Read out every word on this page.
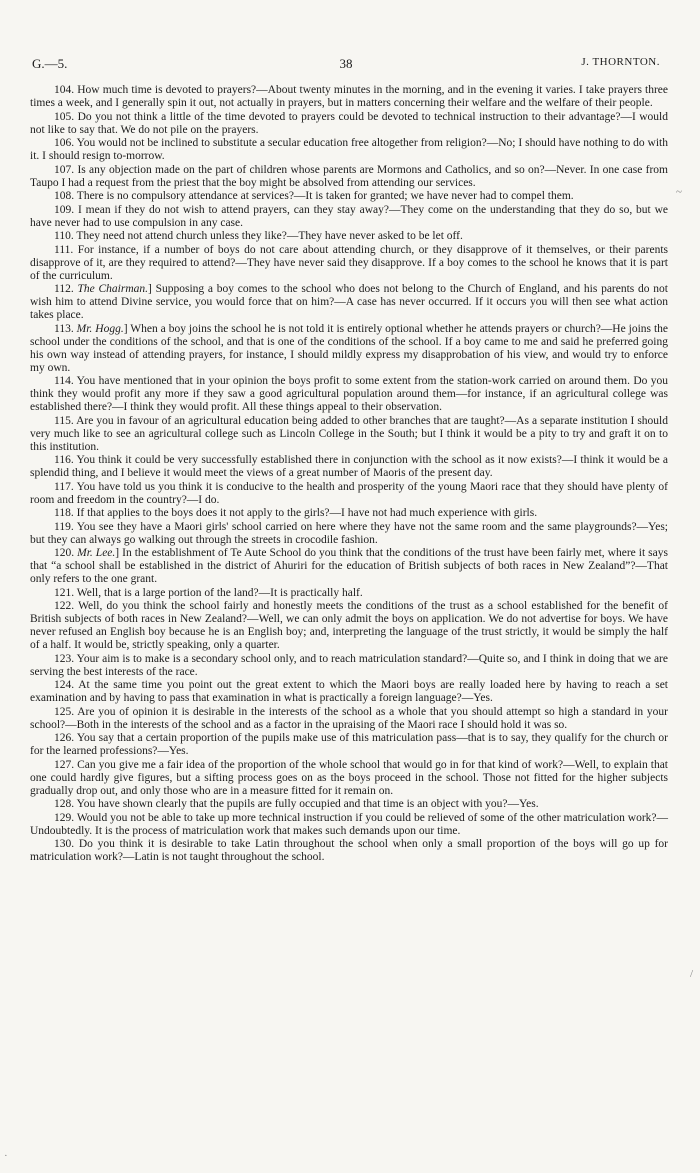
G.—5.	38	J. THORNTON.
~
/
·

104. How much time is devoted to prayers?—About twenty minutes in the morning, and in the evening it varies. I take prayers three times a week, and I generally spin it out, not actually in prayers, but in matters concerning their welfare and the welfare of their people.

105. Do you not think a little of the time devoted to prayers could be devoted to technical instruction to their advantage?—I would not like to say that. We do not pile on the prayers.

106. You would not be inclined to substitute a secular education free altogether from religion?—No; I should have nothing to do with it. I should resign to-morrow.

107. Is any objection made on the part of children whose parents are Mormons and Catholics, and so on?—Never. In one case from Taupo I had a request from the priest that the boy might be absolved from attending our services.

108. There is no compulsory attendance at services?—It is taken for granted; we have never had to compel them.

109. I mean if they do not wish to attend prayers, can they stay away?—They come on the understanding that they do so, but we have never had to use compulsion in any case.

110. They need not attend church unless they like?—They have never asked to be let off.

111. For instance, if a number of boys do not care about attending church, or they disapprove of it themselves, or their parents disapprove of it, are they required to attend?—They have never said they disapprove. If a boy comes to the school he knows that it is part of the curriculum.

112. The Chairman.] Supposing a boy comes to the school who does not belong to the Church of England, and his parents do not wish him to attend Divine service, you would force that on him?—A case has never occurred. If it occurs you will then see what action takes place.

113. Mr. Hogg.] When a boy joins the school he is not told it is entirely optional whether he attends prayers or church?—He joins the school under the conditions of the school, and that is one of the conditions of the school. If a boy came to me and said he preferred going his own way instead of attending prayers, for instance, I should mildly express my disapprobation of his view, and would try to enforce my own.

114. You have mentioned that in your opinion the boys profit to some extent from the station-work carried on around them. Do you think they would profit any more if they saw a good agricultural population around them—for instance, if an agricultural college was established there?—I think they would profit. All these things appeal to their observation.

115. Are you in favour of an agricultural education being added to other branches that are taught?—As a separate institution I should very much like to see an agricultural college such as Lincoln College in the South; but I think it would be a pity to try and graft it on to this institution.

116. You think it could be very successfully established there in conjunction with the school as it now exists?—I think it would be a splendid thing, and I believe it would meet the views of a great number of Maoris of the present day.

117. You have told us you think it is conducive to the health and prosperity of the young Maori race that they should have plenty of room and freedom in the country?—I do.

118. If that applies to the boys does it not apply to the girls?—I have not had much experience with girls.

119. You see they have a Maori girls' school carried on here where they have not the same room and the same playgrounds?—Yes; but they can always go walking out through the streets in crocodile fashion.

120. Mr. Lee.] In the establishment of Te Aute School do you think that the conditions of the trust have been fairly met, where it says that “a school shall be established in the district of Ahuriri for the education of British subjects of both races in New Zealand”?—That only refers to the one grant.

121. Well, that is a large portion of the land?—It is practically half.

122. Well, do you think the school fairly and honestly meets the conditions of the trust as a school established for the benefit of British subjects of both races in New Zealand?—Well, we can only admit the boys on application. We do not advertise for boys. We have never refused an English boy because he is an English boy; and, interpreting the language of the trust strictly, it would be simply the half of a half. It would be, strictly speaking, only a quarter.

123. Your aim is to make is a secondary school only, and to reach matriculation standard?—Quite so, and I think in doing that we are serving the best interests of the race.

124. At the same time you point out the great extent to which the Maori boys are really loaded here by having to reach a set examination and by having to pass that examination in what is practically a foreign language?—Yes.

125. Are you of opinion it is desirable in the interests of the school as a whole that you should attempt so high a standard in your school?—Both in the interests of the school and as a factor in the upraising of the Maori race I should hold it was so.

126. You say that a certain proportion of the pupils make use of this matriculation pass—that is to say, they qualify for the church or for the learned professions?—Yes.

127. Can you give me a fair idea of the proportion of the whole school that would go in for that kind of work?—Well, to explain that one could hardly give figures, but a sifting process goes on as the boys proceed in the school. Those not fitted for the higher subjects gradually drop out, and only those who are in a measure fitted for it remain on.

128. You have shown clearly that the pupils are fully occupied and that time is an object with you?—Yes.

129. Would you not be able to take up more technical instruction if you could be relieved of some of the other matriculation work?—Undoubtedly. It is the process of matriculation work that makes such demands upon our time.

130. Do you think it is desirable to take Latin throughout the school when only a small proportion of the boys will go up for matriculation work?—Latin is not taught throughout the school.
